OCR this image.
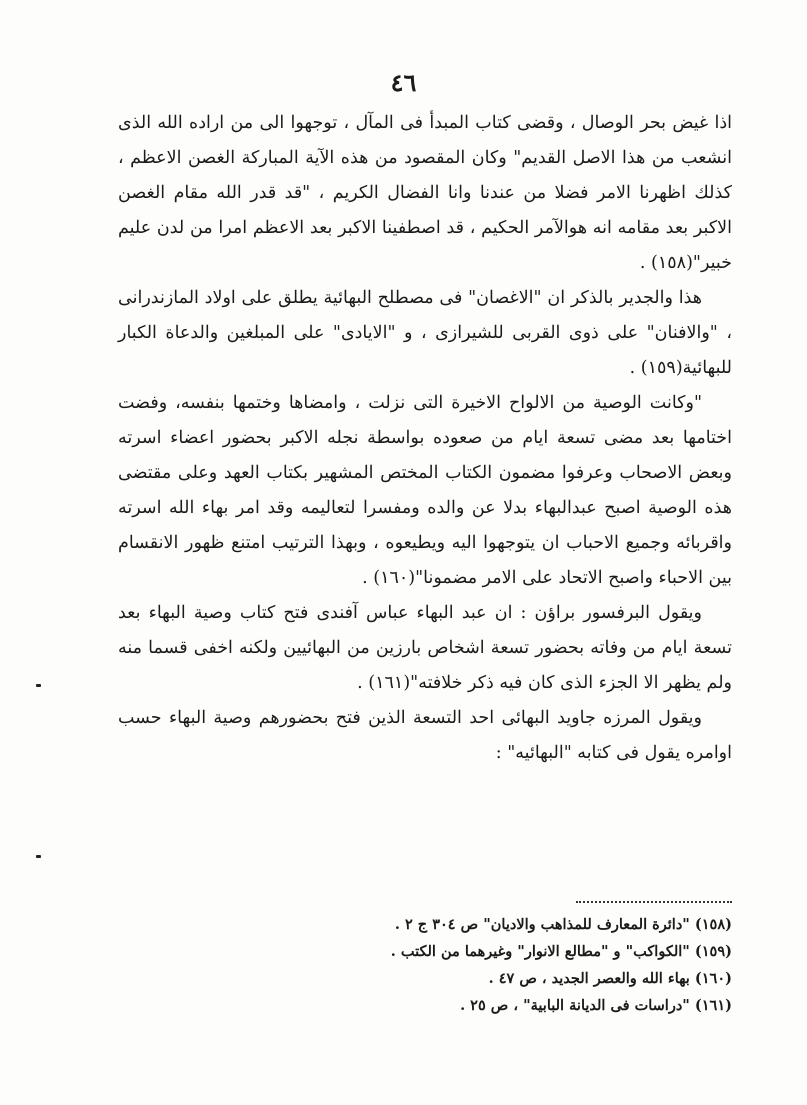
٤٦

اذا غيض بحر الوصال ، وقضى كتاب المبدأ فى المآل ، توجهوا الى من اراده الله الذى انشعب من هذا الاصل القديم" وكان المقصود من هذه الآية المباركة الغصن الاعظم ، كذلك اظهرنا الامر فضلا من عندنا وانا الفضال الكريم ، "قد قدر الله مقام الغصن الاكبر بعد مقامه انه هوالآمر الحكيم ، قد اصطفينا الاكبر بعد الاعظم امرا من لدن عليم خبير"(١٥٨) .

هذا والجدير بالذكر ان "الاغصان" فى مصطلح البهائية يطلق على اولاد المازندرانى ، "والافنان" على ذوى القربى للشيرازى ، و "الايادى" على المبلغين والدعاة الكبار للبهائية(١٥٩) .

"وكانت الوصية من الالواح الاخيرة التى نزلت ، وامضاها وختمها بنفسه، وفضت اختامها بعد مضى تسعة ايام من صعوده بواسطة نجله الاكبر بحضور اعضاء اسرته وبعض الاصحاب وعرفوا مضمون الكتاب المختص المشهير بكتاب العهد وعلى مقتضى هذه الوصية اصبح عبدالبهاء بدلا عن والده ومفسرا لتعاليمه وقد امر بهاء الله اسرته واقربائه وجميع الاحباب ان يتوجهوا اليه ويطيعوه ، وبهذا الترتيب امتنع ظهور الانقسام بين الاحباء واصبح الاتحاد على الامر مضمونا"(١٦٠) .

ويقول البرفسور براؤن : ان عبد البهاء عباس آفندى فتح كتاب وصية البهاء بعد تسعة ايام من وفاته بحضور تسعة اشخاص بارزين من البهائيين ولكنه اخفى قسما منه ولم يظهر الا الجزء الذى كان فيه ذكر خلافته"(١٦١) .

ويقول المرزه جاويد البهائى احد التسعة الذين فتح بحضورهم وصية البهاء حسب اوامره يقول فى كتابه "البهائيه" :

(١٥٨) "دائرة المعارف للمذاهب والاديان" ص ٣٠٤ ج ٢ .
(١٥٩) "الكواكب" و "مطالع الانوار" وغيرهما من الكتب .
(١٦٠) بهاء الله والعصر الجديد ، ص ٤٧ .
(١٦١) "دراسات فى الديانة البابية" ، ص ٢٥ .
